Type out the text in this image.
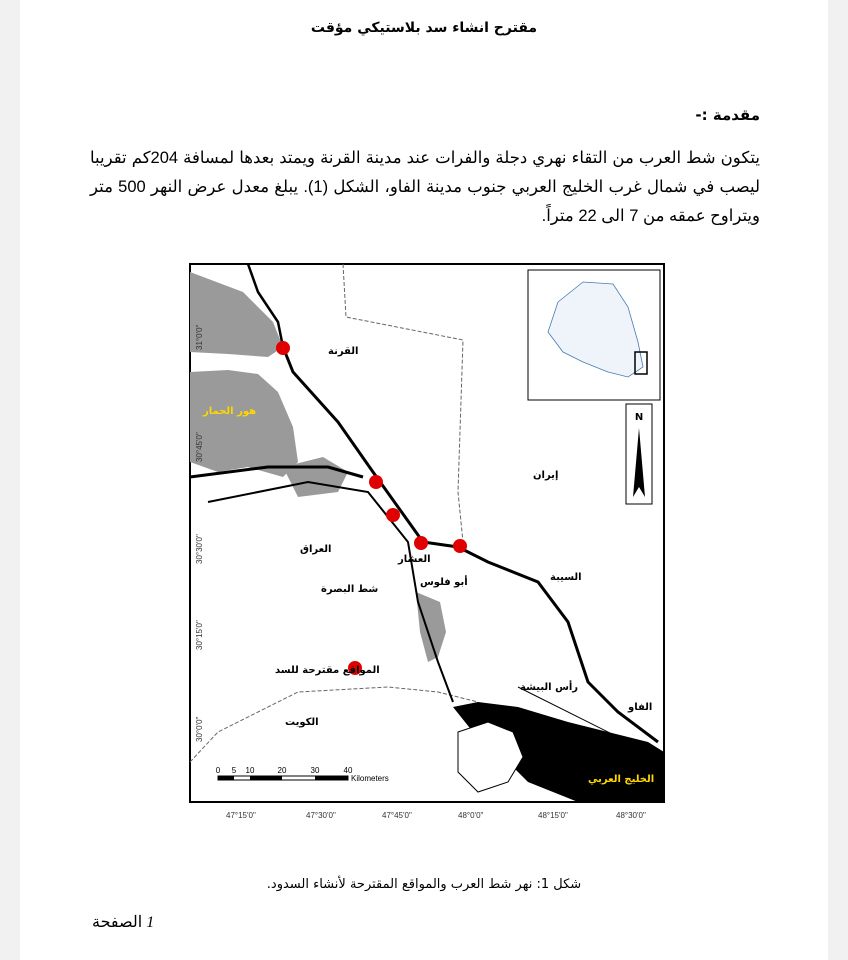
مقترح انشاء سد بلاستيكي مؤقت
مقدمة :-
يتكون شط العرب من التقاء نهري دجلة والفرات عند مدينة القرنة ويمتد بعدها لمسافة 204كم تقريبا ليصب في شمال غرب الخليج العربي جنوب مدينة الفاو، الشكل (1). يبلغ معدل عرض النهر 500 متر ويتراوح عمقه من 7 الى 22 متراً.
N
القرنة
هور الحمار
إيران
العراق
العشار
أبو فلوس	السيبة
شط البصرة
المواقع مقترحة للسد
رأس البيشة
الفاو
الكويت
الخليج العربي
31°0'0"
30°45'0"
30°30'0"
30°15'0"
30°0'0"
47°15'0"	47°30'0"	47°45'0"	48°0'0"	48°15'0"	48°30'0"
0 5 10	20	30	40
Kilometers
شكل 1: نهر شط العرب والمواقع المقترحة لأنشاء السدود.
1 الصفحة
